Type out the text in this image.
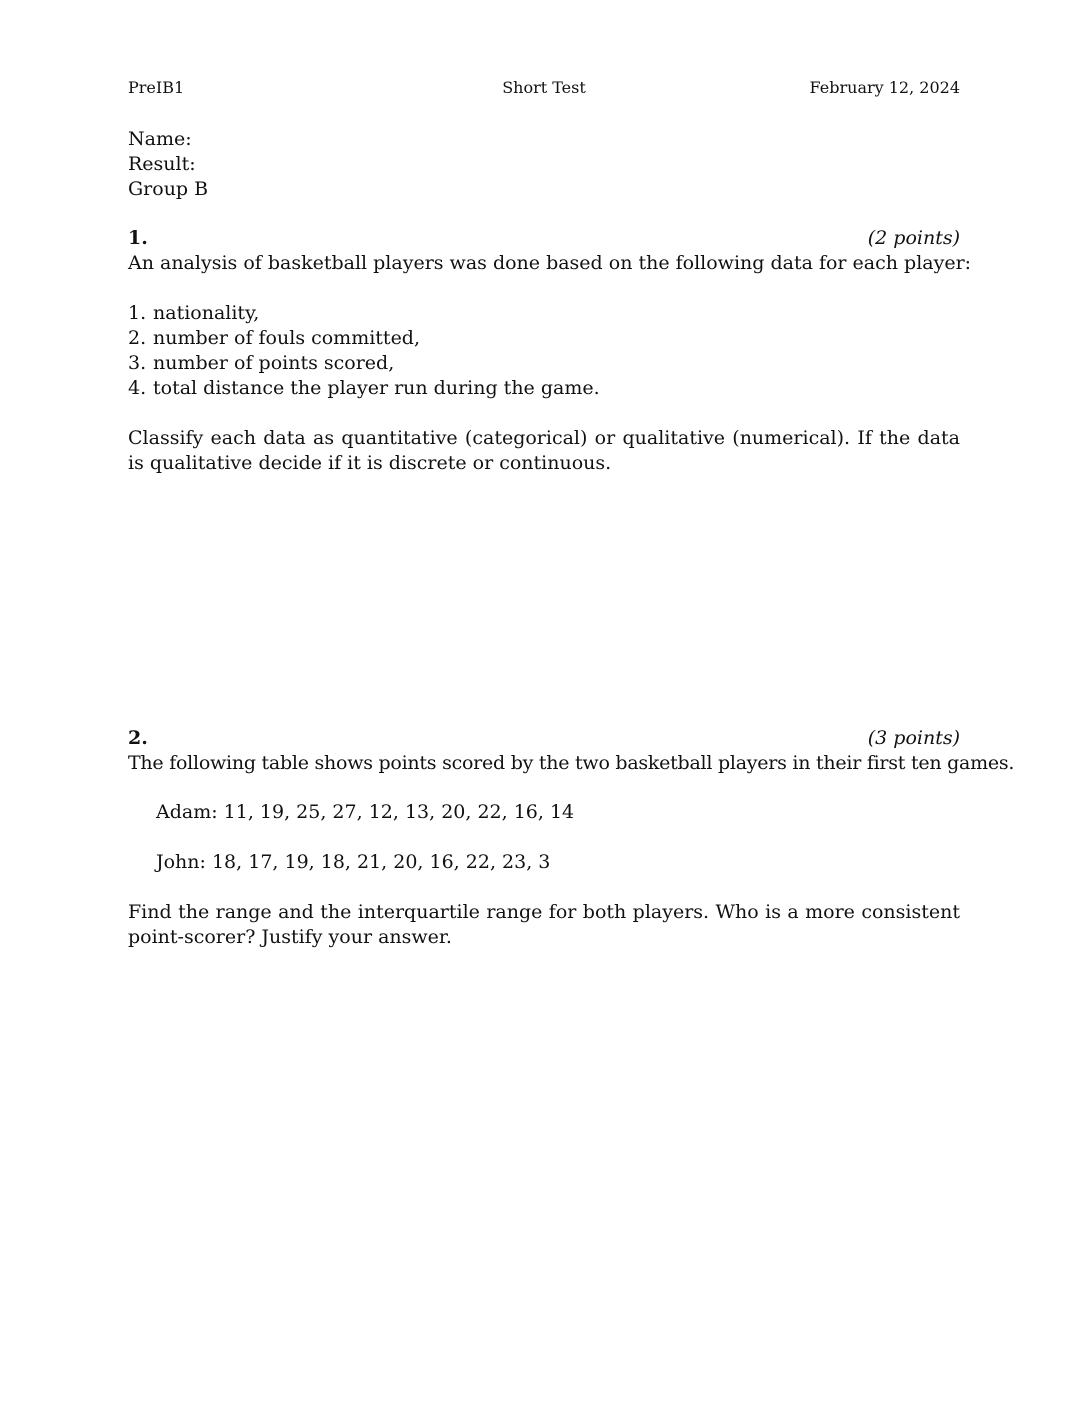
PreIB1	Short Test	February 12, 2024
Name:
Result:
Group B
1.	(2 points)
An analysis of basketball players was done based on the following data for each player:
1. nationality,
2. number of fouls committed,
3. number of points scored,
4. total distance the player run during the game.
Classify each data as quantitative (categorical) or qualitative (numerical). If the data is qualitative decide if it is discrete or continuous.
2.	(3 points)
The following table shows points scored by the two basketball players in their first ten games.
Adam: 11, 19, 25, 27, 12, 13, 20, 22, 16, 14
John: 18, 17, 19, 18, 21, 20, 16, 22, 23, 3
Find the range and the interquartile range for both players. Who is a more consistent point-scorer? Justify your answer.
